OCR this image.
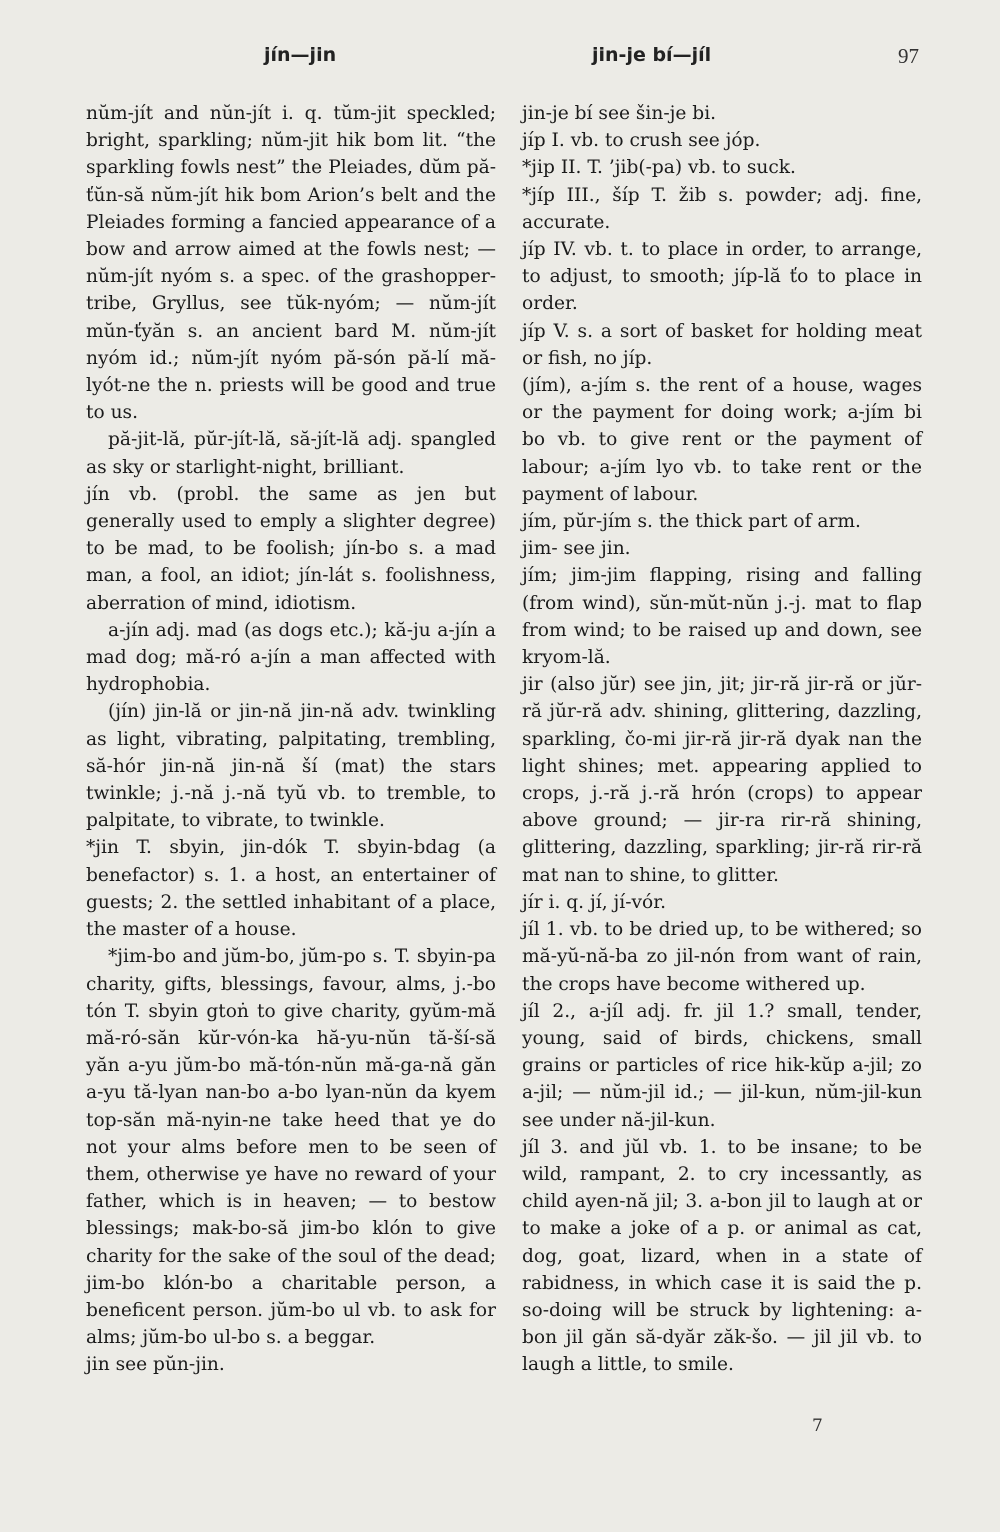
jín—jin	jin-je bí—jíl	97

nŭm-jít and nŭn-jít i. q. tŭm-jit speckled; bright, sparkling; nŭm-jit hik bom lit. “the sparkling fowls nest” the Pleiades, dŭm pă-ťŭn-să nŭm-jít hik bom Arion’s belt and the Pleiades forming a fancied appearance of a bow and arrow aimed at the fowls nest; — nŭm-jít nyóm s. a spec. of the grashopper-tribe, Gryllus, see tŭk-nyóm; — nŭm-jít mŭn-ťyăn s. an ancient bard M. nŭm-jít nyóm id.; nŭm-jít nyóm pă-són pă-lí mă-lyót-ne the n. priests will be good and true to us.

pă-jit-lă, pŭr-jít-lă, să-jít-lă adj. spangled as sky or starlight-night, brilliant.

jín vb. (probl. the same as jen but generally used to emply a slighter degree) to be mad, to be foolish; jín-bo s. a mad man, a fool, an idiot; jín-lát s. foolishness, aberration of mind, idiotism.

a-jín adj. mad (as dogs etc.); kă-ju a-jín a mad dog; mă-ró a-jín a man affected with hydrophobia.

(jín) jin-lă or jin-nă jin-nă adv. twinkling as light, vibrating, palpitating, trembling, să-hór jin-nă jin-nă ší (mat) the stars twinkle; j.-nă j.-nă tyŭ vb. to tremble, to palpitate, to vibrate, to twinkle.

*jin T. sbyin, jin-dók T. sbyin-bdag (a benefactor) s. 1. a host, an entertainer of guests; 2. the settled inhabitant of a place, the master of a house.

*jim-bo and jŭm-bo, jŭm-po s. T. sbyin-pa charity, gifts, blessings, favour, alms, j.-bo tón T. sbyin gtoṅ to give charity, gyŭm-mă mă-ró-săn kŭr-vón-ka hă-yu-nŭn tă-ší-să yăn a-yu jŭm-bo mă-tón-nŭn mă-ga-nă găn a-yu tă-lyan nan-bo a-bo lyan-nŭn da kyem top-săn mă-nyin-ne take heed that ye do not your alms before men to be seen of them, otherwise ye have no reward of your father, which is in heaven; — to bestow blessings; mak-bo-să jim-bo klón to give charity for the sake of the soul of the dead; jim-bo klón-bo a charitable person, a beneficent person. jŭm-bo ul vb. to ask for alms; jŭm-bo ul-bo s. a beggar.

jin see pŭn-jin.

jin-je bí see šin-je bi.

jíp I. vb. to crush see jóp.

*jip II. T. ’jib(-pa) vb. to suck.

*jíp III., šíp T. žib s. powder; adj. fine, accurate.

jíp IV. vb. t. to place in order, to arrange, to adjust, to smooth; jíp-lă ťo to place in order.

jíp V. s. a sort of basket for holding meat or fish, no jíp.

(jím), a-jím s. the rent of a house, wages or the payment for doing work; a-jím bi bo vb. to give rent or the payment of labour; a-jím lyo vb. to take rent or the payment of labour.

jím, pŭr-jím s. the thick part of arm.

jim- see jin.

jím; jim-jim flapping, rising and falling (from wind), sŭn-mŭt-nŭn j.-j. mat to flap from wind; to be raised up and down, see kryom-lă.

jir (also jŭr) see jin, jit; jir-ră jir-ră or jŭr-ră jŭr-ră adv. shining, glittering, dazzling, sparkling, čo-mi jir-ră jir-ră dyak nan the light shines; met. appearing applied to crops, j.-ră j.-ră hrón (crops) to appear above ground; — jir-ra rir-ră shining, glittering, dazzling, sparkling; jir-ră rir-ră mat nan to shine, to glitter.

jír i. q. jí, jí-vór.

jíl 1. vb. to be dried up, to be withered; so mă-yŭ-nă-ba zo jil-nón from want of rain, the crops have become withered up.

jíl 2., a-jíl adj. fr. jil 1.? small, tender, young, said of birds, chickens, small grains or particles of rice hik-kŭp a-jil; zo a-jil; — nŭm-jil id.; — jil-kun, nŭm-jil-kun see under nă-jil-kun.

jíl 3. and jŭl vb. 1. to be insane; to be wild, rampant, 2. to cry incessantly, as child ayen-nă jil; 3. a-bon jil to laugh at or to make a joke of a p. or animal as cat, dog, goat, lizard, when in a state of rabidness, in which case it is said the p. so-doing will be struck by lightening: a-bon jil găn să-dyăr zăk-šo. — jil jil vb. to laugh a little, to smile.

7
